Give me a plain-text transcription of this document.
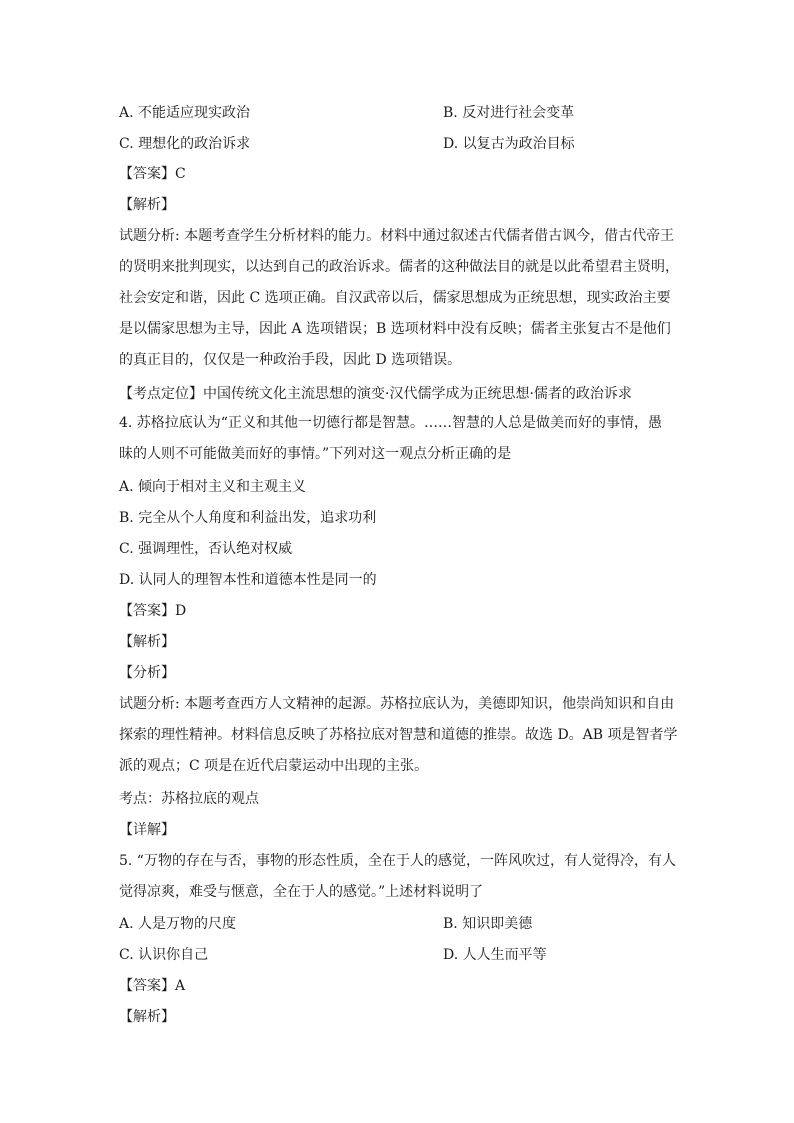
A. 不能适应现实政治	B. 反对进行社会变革
C. 理想化的政治诉求	D. 以复古为政治目标
【答案】C
【解析】

试题分析: 本题考查学生分析材料的能力。材料中通过叙述古代儒者借古讽今，借古代帝王

的贤明来批判现实，以达到自己的政治诉求。儒者的这种做法目的就是以此希望君主贤明，

社会安定和谐，因此 C 选项正确。自汉武帝以后，儒家思想成为正统思想，现实政治主要

是以儒家思想为主导，因此 A 选项错误；B 选项材料中没有反映；儒者主张复古不是他们

的真正目的，仅仅是一种政治手段，因此 D 选项错误。

【考点定位】中国传统文化主流思想的演变·汉代儒学成为正统思想·儒者的政治诉求

4. 苏格拉底认为“正义和其他一切德行都是智慧。……智慧的人总是做美而好的事情，愚

昧的人则不可能做美而好的事情。”下列对这一观点分析正确的是

A. 倾向于相对主义和主观主义
B. 完全从个人角度和利益出发，追求功利
C. 强调理性，否认绝对权威
D. 认同人的理智本性和道德本性是同一的
【答案】D
【解析】
【分析】

试题分析: 本题考查西方人文精神的起源。苏格拉底认为，美德即知识，他崇尚知识和自由

探索的理性精神。材料信息反映了苏格拉底对智慧和道德的推崇。故选 D。AB 项是智者学

派的观点；C 项是在近代启蒙运动中出现的主张。

考点：苏格拉底的观点
【详解】

5. “万物的存在与否，事物的形态性质，全在于人的感觉，一阵风吹过，有人觉得冷，有人

觉得凉爽，难受与惬意，全在于人的感觉。”上述材料说明了

A. 人是万物的尺度	B. 知识即美德
C. 认识你自己	D. 人人生而平等
【答案】A
【解析】
